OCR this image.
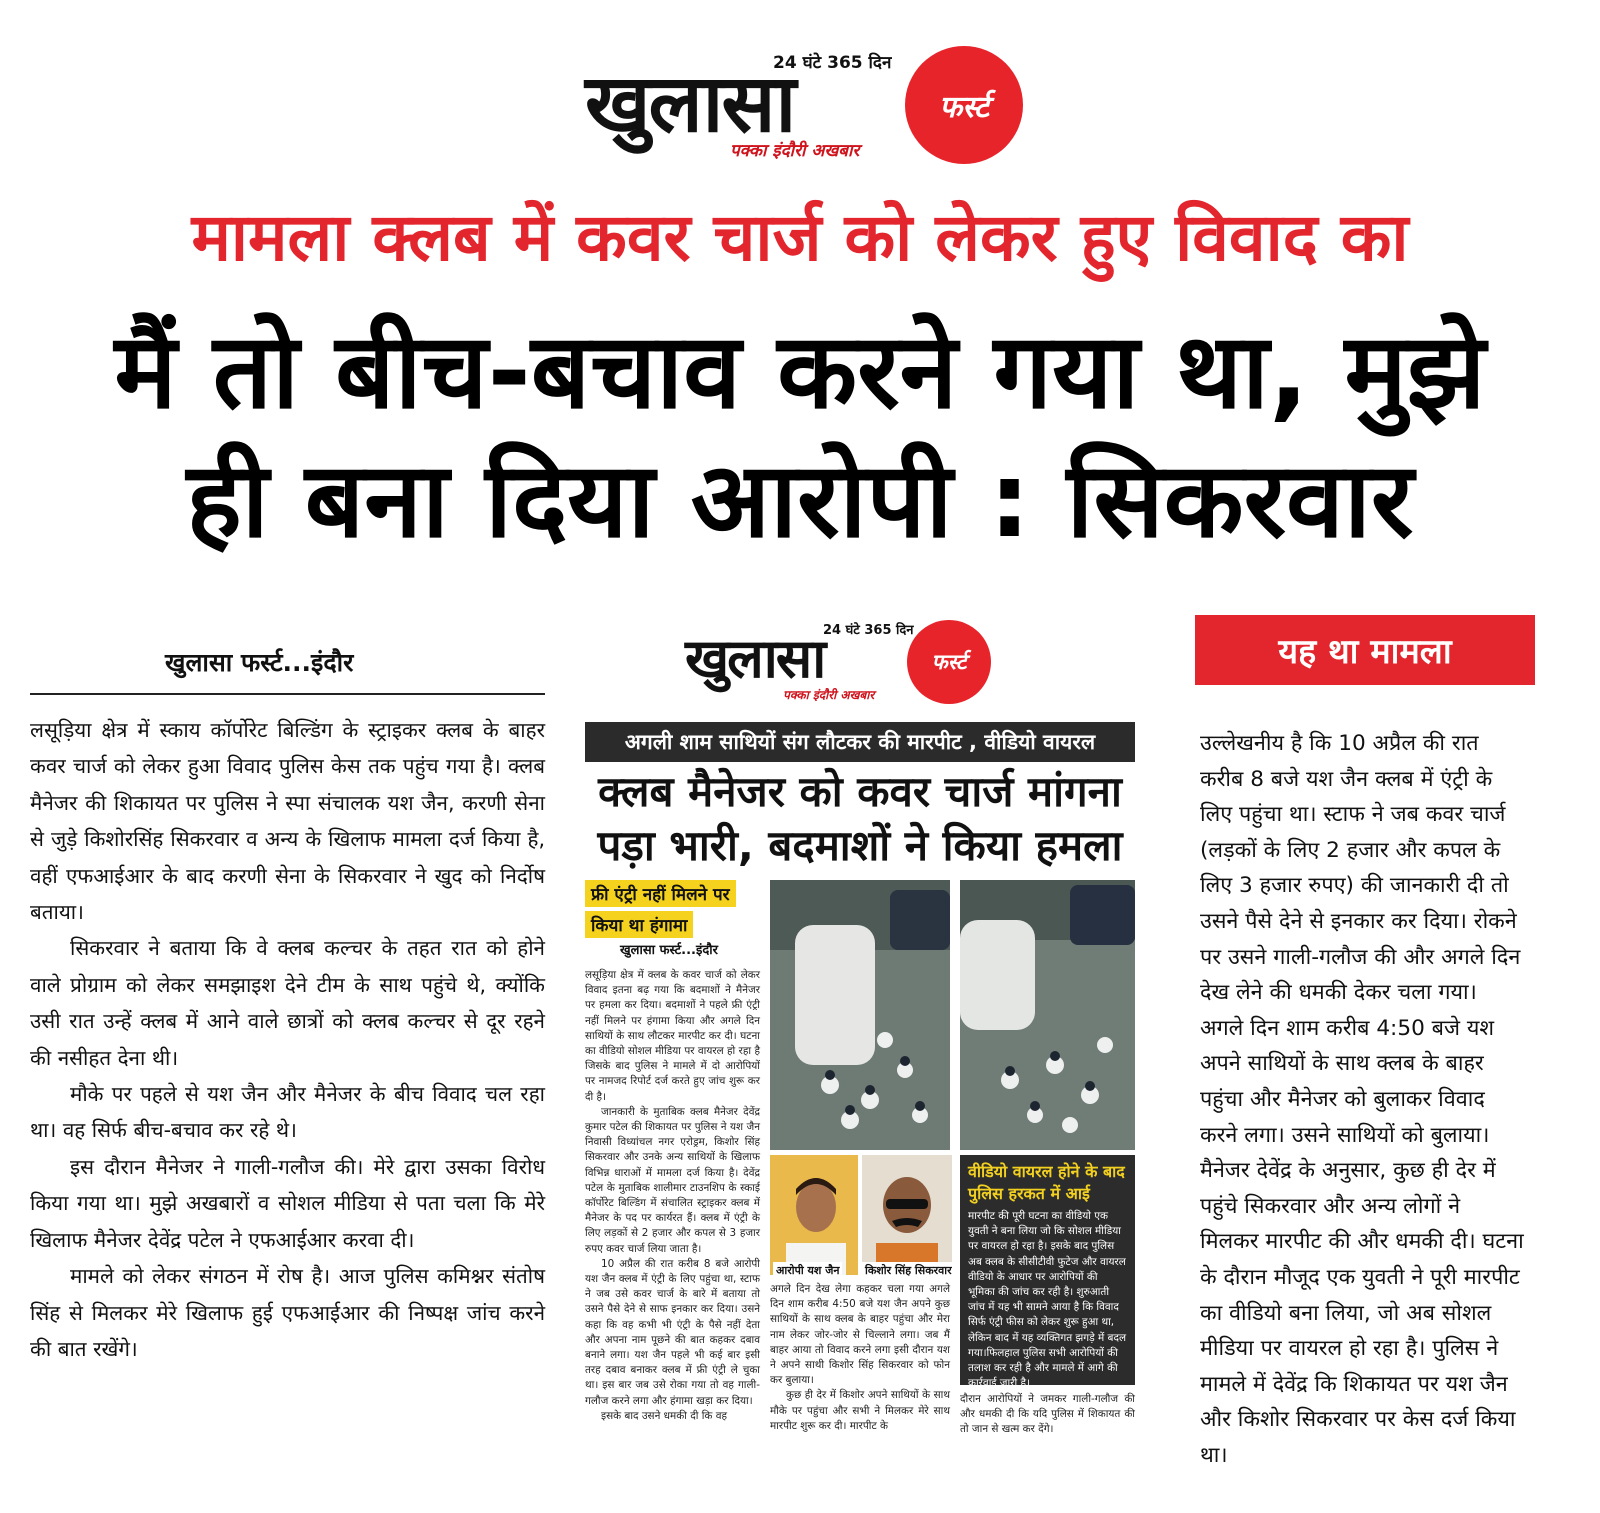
24 घंटे 365 दिन
खुलासा	फर्स्ट
पक्का इंदौरी अखबार
मामला क्लब में कवर चार्ज को लेकर हुए विवाद का
मैं तो बीच-बचाव करने गया था, मुझे
ही बना दिया आरोपी : सिकरवार
खुलासा फर्स्ट...इंदौर

लसूड़िया क्षेत्र में स्काय कॉर्पोरेट बिल्डिंग के स्ट्राइकर क्लब के बाहर कवर चार्ज को लेकर हुआ विवाद पुलिस केस तक पहुंच गया है। क्लब मैनेजर की शिकायत पर पुलिस ने स्पा संचालक यश जैन, करणी सेना से जुड़े किशोरसिंह सिकरवार व अन्य के खिलाफ मामला दर्ज किया है, वहीं एफआईआर के बाद करणी सेना के सिकरवार ने खुद को निर्दोष बताया।

सिकरवार ने बताया कि वे क्लब कल्चर के तहत रात को होने वाले प्रोग्राम को लेकर समझाइश देने टीम के साथ पहुंचे थे, क्योंकि उसी रात उन्हें क्लब में आने वाले छात्रों को क्लब कल्चर से दूर रहने की नसीहत देना थी।

मौके पर पहले से यश जैन और मैनेजर के बीच विवाद चल रहा था। वह सिर्फ बीच-बचाव कर रहे थे।

इस दौरान मैनेजर ने गाली-गलौज की। मेरे द्वारा उसका विरोध किया गया था। मुझे अखबारों व सोशल मीडिया से पता चला कि मेरे खिलाफ मैनेजर देवेंद्र पटेल ने एफआईआर करवा दी।

मामले को लेकर संगठन में रोष है। आज पुलिस कमिश्नर संतोष सिंह से मिलकर मेरे खिलाफ हुई एफआईआर की निष्पक्ष जांच करने की बात रखेंगे।

24 घंटे 365 दिन
खुलासा	फर्स्ट
पक्का इंदौरी अखबार
अगली शाम साथियों संग लौटकर की मारपीट , वीडियो वायरल
क्लब मैनेजर को कवर चार्ज मांगना
पड़ा भारी, बदमाशों ने किया हमला
फ्री एंट्री नहीं मिलने पर
किया था हंगामा
खुलासा फर्स्ट...इंदौर

लसूड़िया क्षेत्र में क्लब के कवर चार्ज को लेकर विवाद इतना बढ़ गया कि बदमाशों ने मैनेजर पर हमला कर दिया। बदमाशों ने पहले फ्री एंट्री नहीं मिलने पर हंगामा किया और अगले दिन साथियों के साथ लौटकर मारपीट कर दी। घटना का वीडियो सोशल मीडिया पर वायरल हो रहा है जिसके बाद पुलिस ने मामले में दो आरोपियों पर नामजद रिपोर्ट दर्ज करते हुए जांच शुरू कर दी है।

जानकारी के मुताबिक क्लब मैनेजर देवेंद्र कुमार पटेल की शिकायत पर पुलिस ने यश जैन निवासी विध्यांचल नगर एरोड्रम, किशोर सिंह सिकरवार और उनके अन्य साथियों के खिलाफ विभिन्न धाराओं में मामला दर्ज किया है। देवेंद्र पटेल के मुताबिक शालीमार टाउनशिप के स्काई कॉर्पोरेट बिल्डिंग में संचालित स्ट्राइकर क्लब में मैनेजर के पद पर कार्यरत हैं। क्लब में एंट्री के लिए लड़कों से 2 हजार और कपल से 3 हजार रुपए कवर चार्ज लिया जाता है।

10 अप्रैल की रात करीब 8 बजे आरोपी यश जैन क्लब में एंट्री के लिए पहुंचा था, स्टाफ ने जब उसे कवर चार्ज के बारे में बताया तो उसने पैसे देने से साफ इनकार कर दिया। उसने कहा कि वह कभी भी एंट्री के पैसे नहीं देता और अपना नाम पूछने की बात कहकर दबाव बनाने लगा। यश जैन पहले भी कई बार इसी तरह दबाव बनाकर क्लब में फ्री एंट्री ले चुका था। इस बार जब उसे रोका गया तो वह गाली-गलौज करने लगा और हंगामा खड़ा कर दिया।

इसके बाद उसने धमकी दी कि वह

आरोपी यश जैन किशोर सिंह सिकरवार

अगले दिन देख लेगा कहकर चला गया अगले दिन शाम करीब 4:50 बजे यश जैन अपने कुछ साथियों के साथ क्लब के बाहर पहुंचा और मेरा नाम लेकर जोर-जोर से चिल्लाने लगा। जब मैं बाहर आया तो विवाद करने लगा इसी दौरान यश ने अपने साथी किशोर सिंह सिकरवार को फोन कर बुलाया।

कुछ ही देर में किशोर अपने साथियों के साथ मौके पर पहुंचा और सभी ने मिलकर मेरे साथ मारपीट शुरू कर दी। मारपीट के

वीडियो वायरल होने के बाद
पुलिस हरकत में आई
मारपीट की पूरी घटना का वीडियो एक युवती ने बना लिया जो कि सोशल मीडिया पर वायरल हो रहा है। इसके बाद पुलिस अब क्लब के सीसीटीवी फुटेज और वायरल वीडियो के आधार पर आरोपियों की भूमिका की जांच कर रही है। शुरुआती जांच में यह भी सामने आया है कि विवाद सिर्फ एंट्री फीस को लेकर शुरू हुआ था, लेकिन बाद में यह व्यक्तिगत झगड़े में बदल गया।फिलहाल पुलिस सभी आरोपियों की तलाश कर रही है और मामले में आगे की कार्रवाई जारी है।
दौरान आरोपियों ने जमकर गाली-गलौज की और धमकी दी कि यदि पुलिस में शिकायत की तो जान से खत्म कर देंगे।
यह था मामला
उल्लेखनीय है कि 10 अप्रैल की रात करीब 8 बजे यश जैन क्लब में एंट्री के लिए पहुंचा था। स्टाफ ने जब कवर चार्ज (लड़कों के लिए 2 हजार और कपल के लिए 3 हजार रुपए) की जानकारी दी तो उसने पैसे देने से इनकार कर दिया। रोकने पर उसने गाली-गलौज की और अगले दिन देख लेने की धमकी देकर चला गया। अगले दिन शाम करीब 4:50 बजे यश अपने साथियों के साथ क्लब के बाहर पहुंचा और मैनेजर को बुलाकर विवाद करने लगा। उसने साथियों को बुलाया। मैनेजर देवेंद्र के अनुसार, कुछ ही देर में पहुंचे सिकरवार और अन्य लोगों ने मिलकर मारपीट की और धमकी दी। घटना के दौरान मौजूद एक युवती ने पूरी मारपीट का वीडियो बना लिया, जो अब सोशल मीडिया पर वायरल हो रहा है। पुलिस ने मामले में देवेंद्र कि शिकायत पर यश जैन और किशोर सिकरवार पर केस दर्ज किया था।
